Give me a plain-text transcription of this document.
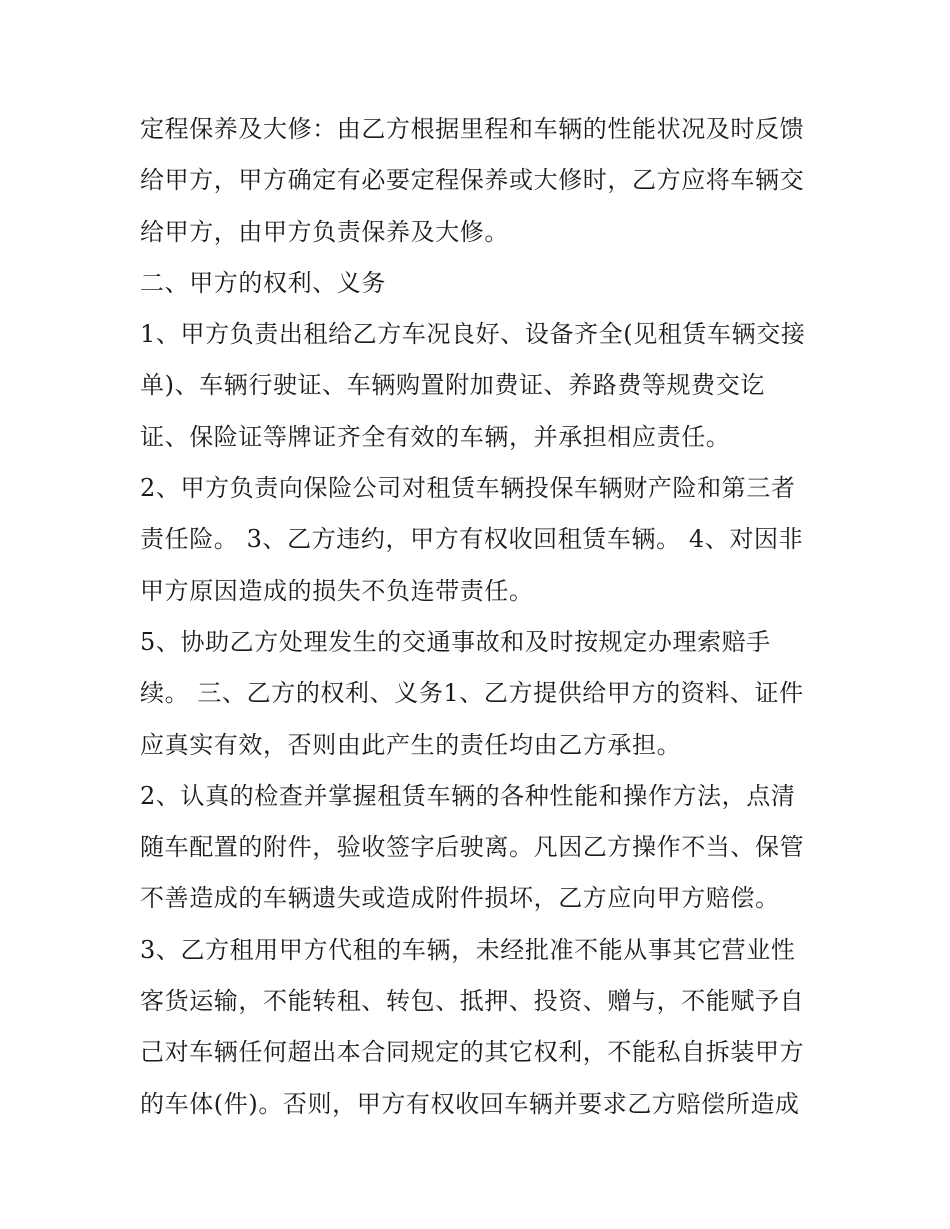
定程保养及大修：由乙方根据里程和车辆的性能状况及时反馈
给甲方，甲方确定有必要定程保养或大修时，乙方应将车辆交
给甲方，由甲方负责保养及大修。
二、甲方的权利、义务
1、甲方负责出租给乙方车况良好、设备齐全(见租赁车辆交接
单)、车辆行驶证、车辆购置附加费证、养路费等规费交讫
证、保险证等牌证齐全有效的车辆，并承担相应责任。
2、甲方负责向保险公司对租赁车辆投保车辆财产险和第三者
责任险。 3、乙方违约，甲方有权收回租赁车辆。 4、对因非
甲方原因造成的损失不负连带责任。
5、协助乙方处理发生的交通事故和及时按规定办理索赔手
续。 三、乙方的权利、义务1、乙方提供给甲方的资料、证件
应真实有效，否则由此产生的责任均由乙方承担。
2、认真的检查并掌握租赁车辆的各种性能和操作方法，点清
随车配置的附件，验收签字后驶离。凡因乙方操作不当、保管
不善造成的车辆遗失或造成附件损坏，乙方应向甲方赔偿。
3、乙方租用甲方代租的车辆，未经批准不能从事其它营业性
客货运输，不能转租、转包、抵押、投资、赠与，不能赋予自
己对车辆任何超出本合同规定的其它权利，不能私自拆装甲方
的车体(件)。否则，甲方有权收回车辆并要求乙方赔偿所造成
